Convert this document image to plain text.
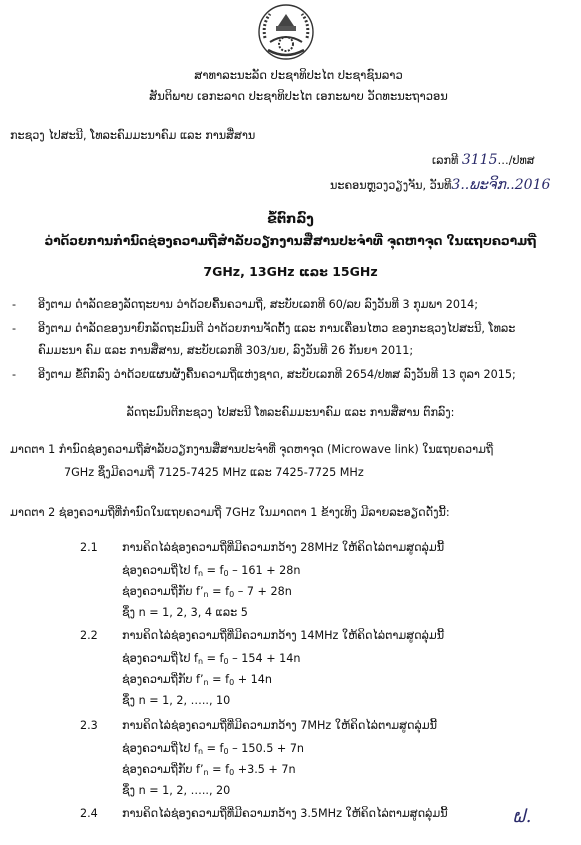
ສາທາລະນະລັດ ປະຊາທິປະໄຕ ປະຊາຊົນລາວ
ສັນຕິພາບ ເອກະລາດ ປະຊາທິປະໄຕ ເອກະພາບ ວັດທະນະຖາວອນ
ກະຊວງ ໄປສະນີ, ໂທລະຄົມມະນາຄົມ ແລະ ການສື່ສານ
ເລກທີ 3115…/ປທສ
ນະຄອນຫຼວງວຽງຈັນ, ວັນທີ3..ພະຈິກ..2016
ຂໍ້ຕົກລົງ
ວ່າດ້ວຍການກໍານົດຊ່ອງຄວາມຖີ່ສໍາລັບວຽກງານສື່ສານປະຈໍາທີ່ ຈຸດຫາຈຸດ ໃນແຖບຄວາມຖີ່
7GHz, 13GHz ແລະ 15GHz
- ອີງຕາມ ດໍາລັດຂອງລັດຖະບານ ວ່າດ້ວຍຄື້ນຄວາມຖີ່, ສະບັບເລກທີ 60/ລບ ລົງວັນທີ 3 ກຸມພາ 2014;
- ອີງຕາມ ດໍາລັດຂອງນາຍົກລັດຖະມົນຕີ ວ່າດ້ວຍການຈັດຕັ້ງ ແລະ ການເຄື່ອນໄຫວ ຂອງກະຊວງໄປສະນີ, ໂທລະ
ຄົມມະນາ ຄົມ ແລະ ການສື່ສານ, ສະບັບເລກທີ 303/ນຍ, ລົງວັນທີ 26 ກັນຍາ 2011;
- ອີງຕາມ ຂໍ້ຕົກລົງ ວ່າດ້ວຍແຜນຜັງຄື້ນຄວາມຖີ່ແຫ່ງຊາດ, ສະບັບເລກທີ 2654/ປທສ ລົງວັນທີ 13 ຕຸລາ 2015;
ລັດຖະມົນຕີກະຊວງ ໄປສະນີ ໂທລະຄົມມະນາຄົມ ແລະ ການສື່ສານ ຕົກລົງ:
ມາດຕາ 1 ກໍານົດຊ່ອງຄວາມຖີ່ສໍາລັບວຽກງານສື່ສານປະຈໍາທີ່ ຈຸດຫາຈຸດ (Microwave link) ໃນແຖບຄວາມຖີ່
7GHz ຊຶ່ງມີຄວາມຖີ່ 7125-7425 MHz ແລະ 7425-7725 MHz
ມາດຕາ 2 ຊ່ອງຄວາມຖີ່ທີ່ກໍານົດໃນແຖບຄວາມຖີ່ 7GHz ໃນມາດຕາ 1 ຂ້າງເທິງ ມີລາຍລະອຽດດັ່ງນີ້:
2.1 ການຄິດໄລ່ຊ່ອງຄວາມຖີ່ທີ່ມີຄວາມກວ້າງ 28MHz ໃຫ້ຄິດໄລ່ຕາມສູດລຸ່ມນີ້
ຊ່ອງຄວາມຖີ່ໄປ $f_n = f_0 - 161 + 28n$
ຊ່ອງຄວາມຖີ່ກັບ $f’_n = f_0 - 7 + 28n$
ຊຶ່ງ n = 1, 2, 3, 4 ແລະ 5
2.2 ການຄິດໄລ່ຊ່ອງຄວາມຖີ່ທີ່ມີຄວາມກວ້າງ 14MHz ໃຫ້ຄິດໄລ່ຕາມສູດລຸ່ມນີ້
ຊ່ອງຄວາມຖີ່ໄປ $f_n = f_0 - 154 + 14n$
ຊ່ອງຄວາມຖີ່ກັບ $f’_n = f_0 + 14n$
ຊຶ່ງ n = 1, 2, ….., 10
2.3 ການຄິດໄລ່ຊ່ອງຄວາມຖີ່ທີ່ມີຄວາມກວ້າງ 7MHz ໃຫ້ຄິດໄລ່ຕາມສູດລຸ່ມນີ້
ຊ່ອງຄວາມຖີ່ໄປ $f_n = f_0 - 150.5 + 7n$
ຊ່ອງຄວາມຖີ່ກັບ $f’_n = f_0 +3.5 + 7n$
ຊຶ່ງ n = 1, 2, ….., 20
2.4 ການຄິດໄລ່ຊ່ອງຄວາມຖີ່ທີ່ມີຄວາມກວ້າງ 3.5MHz ໃຫ້ຄິດໄລ່ຕາມສູດລຸ່ມນີ້	ຝ.
